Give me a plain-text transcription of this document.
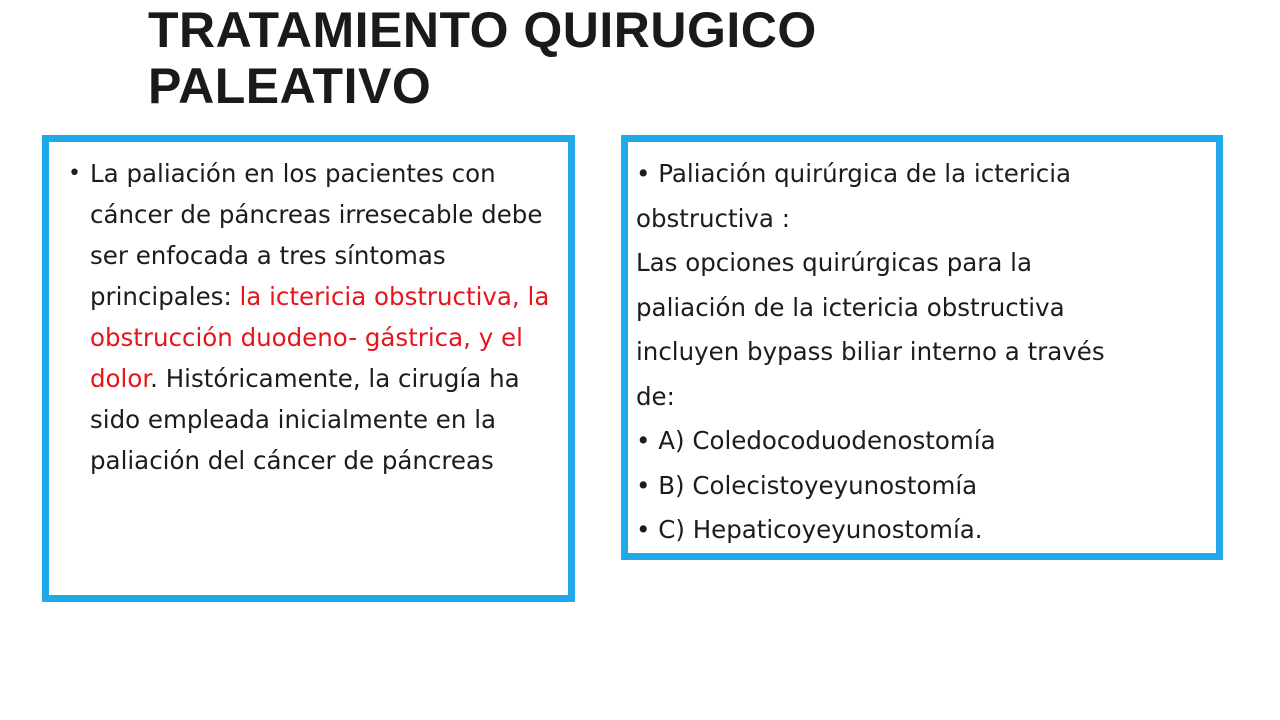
TRATAMIENTO QUIRUGICO
PALEATIVO
• La paliación en los pacientes con cáncer de páncreas irresecable debe ser enfocada a tres síntomas principales: la ictericia obstructiva, la obstrucción duodeno- gástrica, y el dolor. Históricamente, la cirugía ha sido empleada inicialmente en la paliación del cáncer de páncreas
• Paliación quirúrgica de la ictericia
obstructiva :
Las opciones quirúrgicas para la
paliación de la ictericia obstructiva
incluyen bypass biliar interno a través
de:
• A) Coledocoduodenostomía
• B) Colecistoyeyunostomía
• C) Hepaticoyeyunostomía.
